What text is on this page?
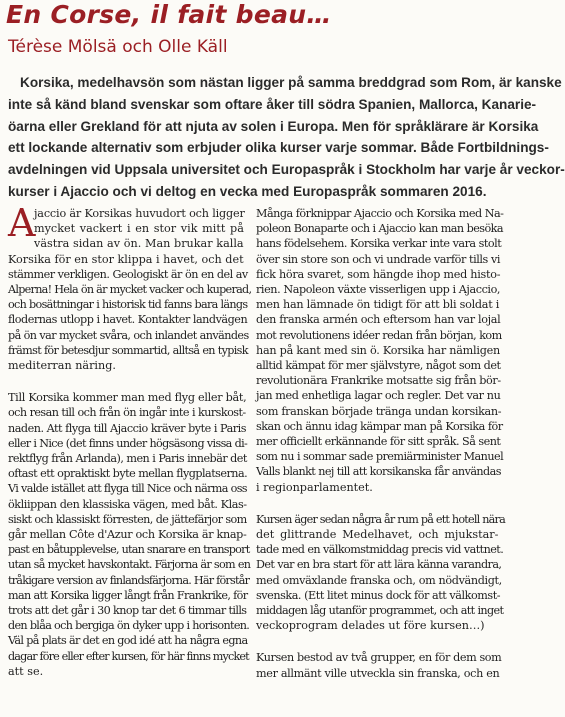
En Corse, il fait beau…
Térèse Mölsä och Olle Käll
Korsika, medelhavsön som nästan ligger på samma breddgrad som Rom, är kanske
inte så känd bland svenskar som oftare åker till södra Spanien, Mallorca, Kanarie-
öarna eller Grekland för att njuta av solen i Europa. Men för språklärare är Korsika
ett lockande alternativ som erbjuder olika kurser varje sommar. Både Fortbildnings-
avdelningen vid Uppsala universitet och Europaspråk i Stockholm har varje år veckor-
kurser i Ajaccio och vi deltog en vecka med Europaspråk sommaren 2016.
A
jaccio är Korsikas huvudort och ligger
mycket vackert i en stor vik mitt på
västra sidan av ön. Man brukar kalla
Korsika för en stor klippa i havet, och det
stämmer verkligen. Geologiskt är ön en del av
Alperna! Hela ön är mycket vacker och kuperad,
och bosättningar i historisk tid fanns bara längs
flodernas utlopp i havet. Kontakter landvägen
på ön var mycket svåra, och inlandet användes
främst för betesdjur sommartid, alltså en typisk
mediterran näring.
Till Korsika kommer man med flyg eller båt,
och resan till och från ön ingår inte i kurskost-
naden. Att flyga till Ajaccio kräver byte i Paris
eller i Nice (det finns under högsäsong vissa di-
rektflyg från Arlanda), men i Paris innebär det
oftast ett opraktiskt byte mellan flygplatserna.
Vi valde istället att flyga till Nice och närma oss
ökliippan den klassiska vägen, med båt. Klas-
siskt och klassiskt förresten, de jättefärjor som
går mellan Côte d'Azur och Korsika är knap-
past en båtupplevelse, utan snarare en transport
utan så mycket havskontakt. Färjorna är som en
tråkigare version av finlandsfärjorna. Här förstår
man att Korsika ligger långt från Frankrike, för
trots att det går i 30 knop tar det 6 timmar tills
den blåa och bergiga ön dyker upp i horisonten.
Väl på plats är det en god idé att ha några egna
dagar före eller efter kursen, för här finns mycket
att se.
Många förknippar Ajaccio och Korsika med Na-
poleon Bonaparte och i Ajaccio kan man besöka
hans födelsehem. Korsika verkar inte vara stolt
över sin store son och vi undrade varför tills vi
fick höra svaret, som hängde ihop med histo-
rien. Napoleon växte visserligen upp i Ajaccio,
men han lämnade ön tidigt för att bli soldat i
den franska armén och eftersom han var lojal
mot revolutionens idéer redan från början, kom
han på kant med sin ö. Korsika har nämligen
alltid kämpat för mer självstyre, något som det
revolutionära Frankrike motsatte sig från bör-
jan med enhetliga lagar och regler. Det var nu
som franskan började tränga undan korsikan-
skan och ännu idag kämpar man på Korsika för
mer officiellt erkännande för sitt språk. Så sent
som nu i sommar sade premiärminister Manuel
Valls blankt nej till att korsikanska får användas
i regionparlamentet.
Kursen äger sedan några år rum på ett hotell nära
det glittrande Medelhavet, och mjukstar-
tade med en välkomstmiddag precis vid vattnet.
Det var en bra start för att lära känna varandra,
med omväxlande franska och, om nödvändigt,
svenska. (Ett litet minus dock för att välkomst-
middagen låg utanför programmet, och att inget
veckoprogram delades ut före kursen…)
Kursen bestod av två grupper, en för dem som
mer allmänt ville utveckla sin franska, och en
